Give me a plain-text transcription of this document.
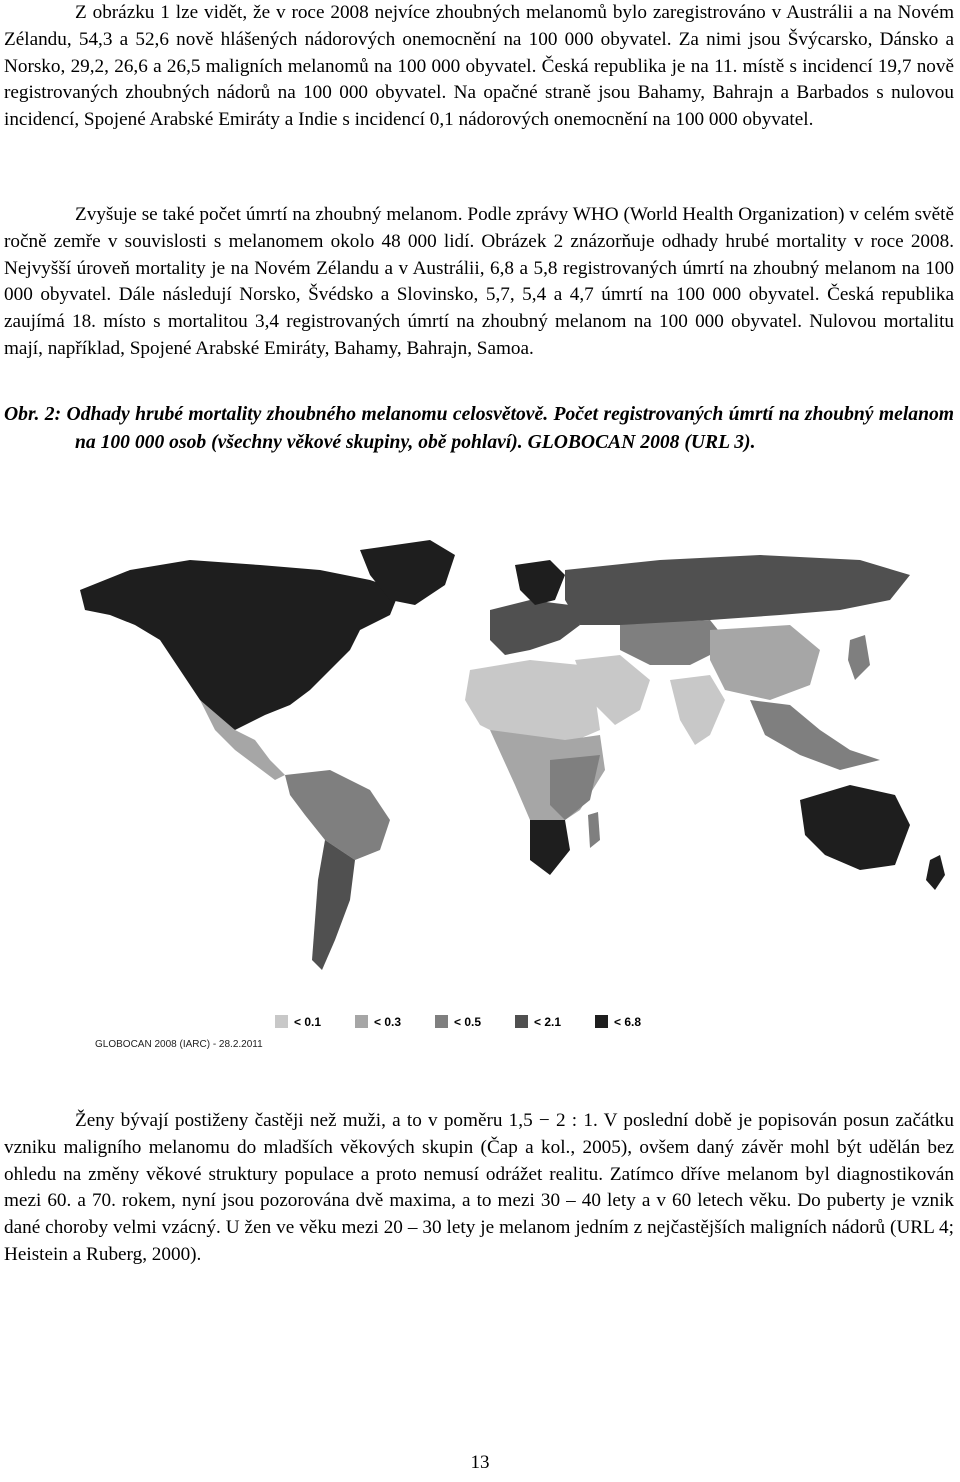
Z obrázku 1 lze vidět, že v roce 2008 nejvíce zhoubných melanomů bylo zaregistrováno v Austrálii a na Novém Zélandu, 54,3 a 52,6 nově hlášených nádorových onemocnění na 100 000 obyvatel. Za nimi jsou Švýcarsko, Dánsko a Norsko, 29,2, 26,6 a 26,5 maligních melanomů na 100 000 obyvatel. Česká republika je na 11. místě s incidencí 19,7 nově registrovaných zhoubných nádorů na 100 000 obyvatel. Na opačné straně jsou Bahamy, Bahrajn a Barbados s nulovou incidencí, Spojené Arabské Emiráty a Indie s incidencí 0,1 nádorových onemocnění na 100 000 obyvatel.

Zvyšuje se také počet úmrtí na zhoubný melanom. Podle zprávy WHO (World Health Organization) v celém světě ročně zemře v souvislosti s melanomem okolo 48 000 lidí. Obrázek 2 znázorňuje odhady hrubé mortality v roce 2008. Nejvyšší úroveň mortality je na Novém Zélandu a v Austrálii, 6,8 a 5,8 registrovaných úmrtí na zhoubný melanom na 100 000 obyvatel. Dále následují Norsko, Švédsko a Slovinsko, 5,7, 5,4 a 4,7 úmrtí na 100 000 obyvatel. Česká republika zaujímá 18. místo s mortalitou 3,4 registrovaných úmrtí na zhoubný melanom na 100 000 obyvatel. Nulovou mortalitu mají, například, Spojené Arabské Emiráty, Bahamy, Bahrajn, Samoa.

Obr. 2: Odhady hrubé mortality zhoubného melanomu celosvětově. Počet registrovaných úmrtí na zhoubný melanom na 100 000 osob (všechny věkové skupiny, obě pohlaví). GLOBOCAN 2008 (URL 3).

< 0.1	< 0.3	< 0.5	< 2.1	< 6.8
GLOBOCAN 2008 (IARC) - 28.2.2011

Ženy bývají postiženy častěji než muži, a to v poměru 1,5 − 2 : 1. V poslední době je popisován posun začátku vzniku maligního melanomu do mladších věkových skupin (Čap a kol., 2005), ovšem daný závěr mohl být udělán bez ohledu na změny věkové struktury populace a proto nemusí odrážet realitu. Zatímco dříve melanom byl diagnostikován mezi 60. a 70. rokem, nyní jsou pozorována dvě maxima, a to mezi 30 – 40 lety a v 60 letech věku. Do puberty je vznik dané choroby velmi vzácný. U žen ve věku mezi 20 – 30 lety je melanom jedním z nejčastějších maligních nádorů (URL 4; Heistein a Ruberg, 2000).

13
